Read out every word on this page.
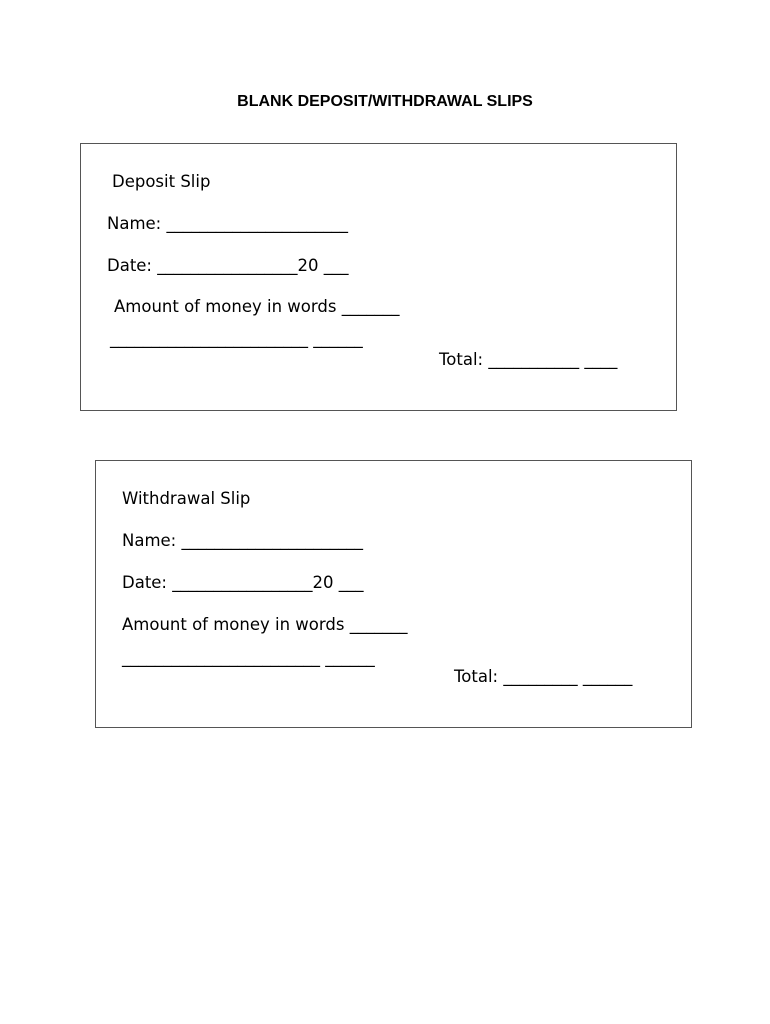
BLANK DEPOSIT/WITHDRAWAL SLIPS
Deposit Slip
Name: ______________________
Date: _________________20 ___
Amount of money in words _______
________________________ ______
Total: ___________ ____
Withdrawal Slip
Name: ______________________
Date: _________________20 ___
Amount of money in words _______
________________________ ______
Total: _________ ______
